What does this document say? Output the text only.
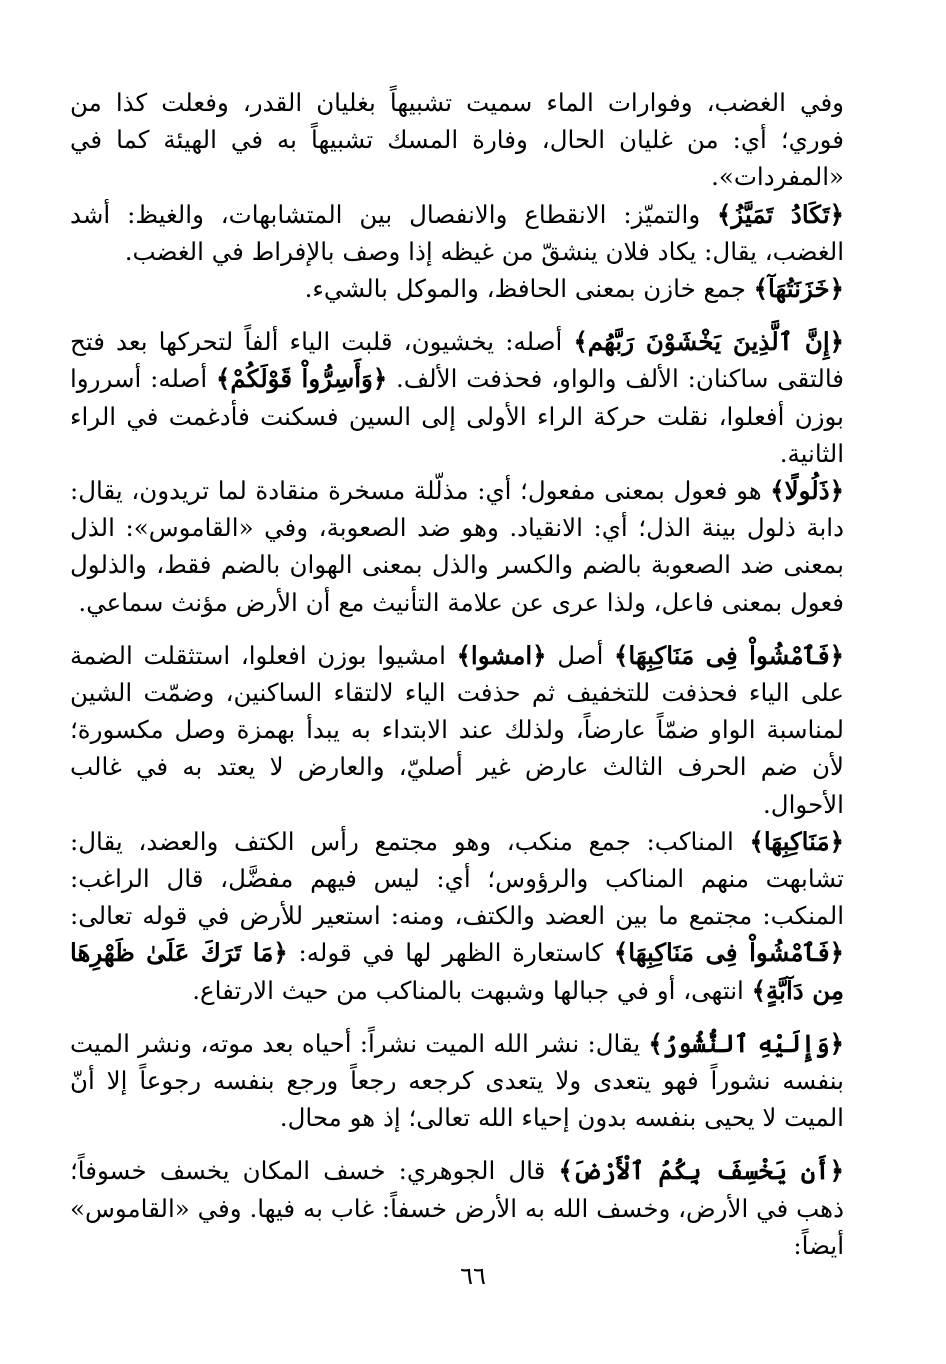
وفي الغضب، وفوارات الماء سميت تشبيهاً بغليان القدر، وفعلت كذا من فوري؛ أي: من غليان الحال، وفارة المسك تشبيهاً به في الهيئة كما في «المفردات».

﴿تَكَادُ تَمَيَّزُ﴾ والتميّز: الانقطاع والانفصال بين المتشابهات، والغيظ: أشد الغضب، يقال: يكاد فلان ينشقّ من غيظه إذا وصف بالإفراط في الغضب.

﴿خَزَنَتُهَآ﴾ جمع خازن بمعنى الحافظ، والموكل بالشيء.

﴿إِنَّ ٱلَّذِينَ يَخْشَوْنَ رَبَّهُم﴾ أصله: يخشيون، قلبت الياء ألفاً لتحركها بعد فتح فالتقى ساكنان: الألف والواو، فحذفت الألف. ﴿وَأَسِرُّواْ قَوْلَكُمْ﴾ أصله: أسرروا بوزن أفعلوا، نقلت حركة الراء الأولى إلى السين فسكنت فأدغمت في الراء الثانية.

﴿ذَلُولًا﴾ هو فعول بمعنى مفعول؛ أي: مذلّلة مسخرة منقادة لما تريدون، يقال: دابة ذلول بينة الذل؛ أي: الانقياد. وهو ضد الصعوبة، وفي «القاموس»: الذل بمعنى ضد الصعوبة بالضم والكسر والذل بمعنى الهوان بالضم فقط، والذلول فعول بمعنى فاعل، ولذا عرى عن علامة التأنيث مع أن الأرض مؤنث سماعي.

﴿فَٱمْشُواْ فِى مَنَاكِبِهَا﴾ أصل ﴿امشوا﴾ امشيوا بوزن افعلوا، استثقلت الضمة على الياء فحذفت للتخفيف ثم حذفت الياء لالتقاء الساكنين، وضمّت الشين لمناسبة الواو ضمّاً عارضاً، ولذلك عند الابتداء به يبدأ بهمزة وصل مكسورة؛ لأن ضم الحرف الثالث عارض غير أصليّ، والعارض لا يعتد به في غالب الأحوال.

﴿مَنَاكِبِهَا﴾ المناكب: جمع منكب، وهو مجتمع رأس الكتف والعضد، يقال: تشابهت منهم المناكب والرؤوس؛ أي: ليس فيهم مفضَّل، قال الراغب: المنكب: مجتمع ما بين العضد والكتف، ومنه: استعير للأرض في قوله تعالى: ﴿فَٱمْشُواْ فِى مَنَاكِبِهَا﴾ كاستعارة الظهر لها في قوله: ﴿مَا تَرَكَ عَلَىٰ ظَهْرِهَا مِن دَآبَّةٍ﴾ انتهى، أو في جبالها وشبهت بالمناكب من حيث الارتفاع.

﴿وَإِلَيْهِ ٱلنُّشُورُ﴾ يقال: نشر الله الميت نشراً: أحياه بعد موته، ونشر الميت بنفسه نشوراً فهو يتعدى ولا يتعدى كرجعه رجعاً ورجع بنفسه رجوعاً إلا أنّ الميت لا يحيى بنفسه بدون إحياء الله تعالى؛ إذ هو محال.

﴿أَن يَخْسِفَ بِكُمُ ٱلْأَرْضَ﴾ قال الجوهري: خسف المكان يخسف خسوفاً؛ ذهب في الأرض، وخسف الله به الأرض خسفاً: غاب به فيها. وفي «القاموس» أيضاً:

٦٦
